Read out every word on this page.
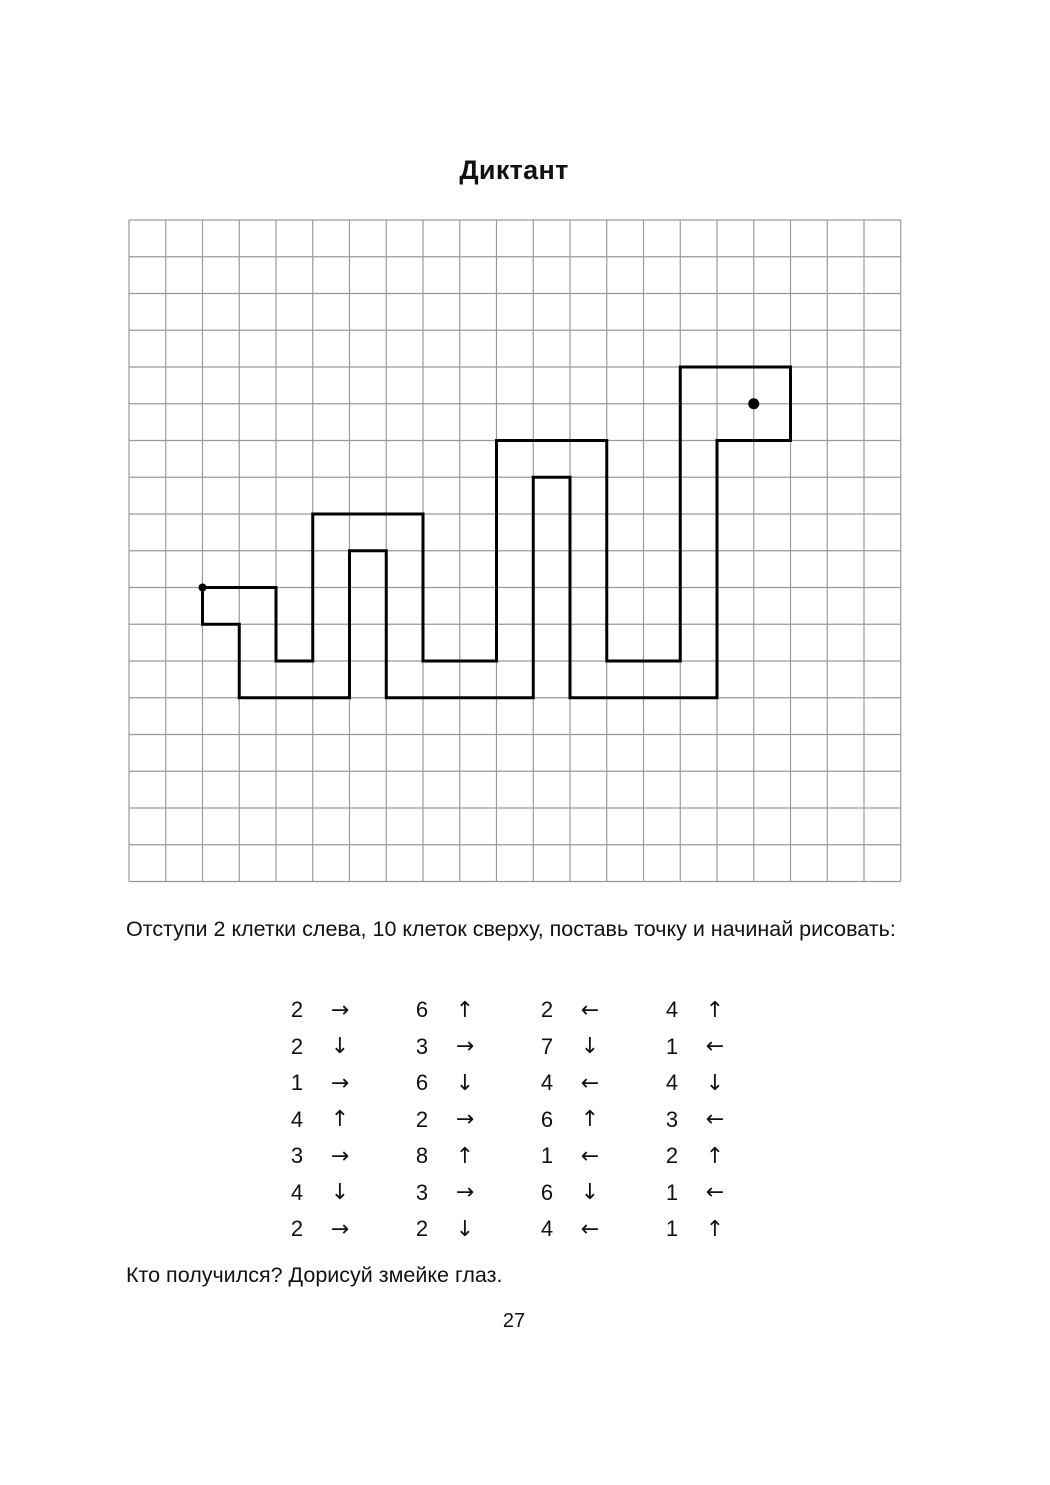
Диктант

Отступи 2 клетки слева, 10 клеток сверху, поставь точку и начинай рисовать:

2	→	6	↑	2	←	4	↑
2	↓	3	→	7	↓	1	←
1	→	6	↓	4	←	4	↓
4	↑	2	→	6	↑	3	←
3	→	8	↑	1	←	2	↑
4	↓	3	→	6	↓	1	←
2	→	2	↓	4	←	1	↑

Кто получился? Дорисуй змейке глаз.

27
